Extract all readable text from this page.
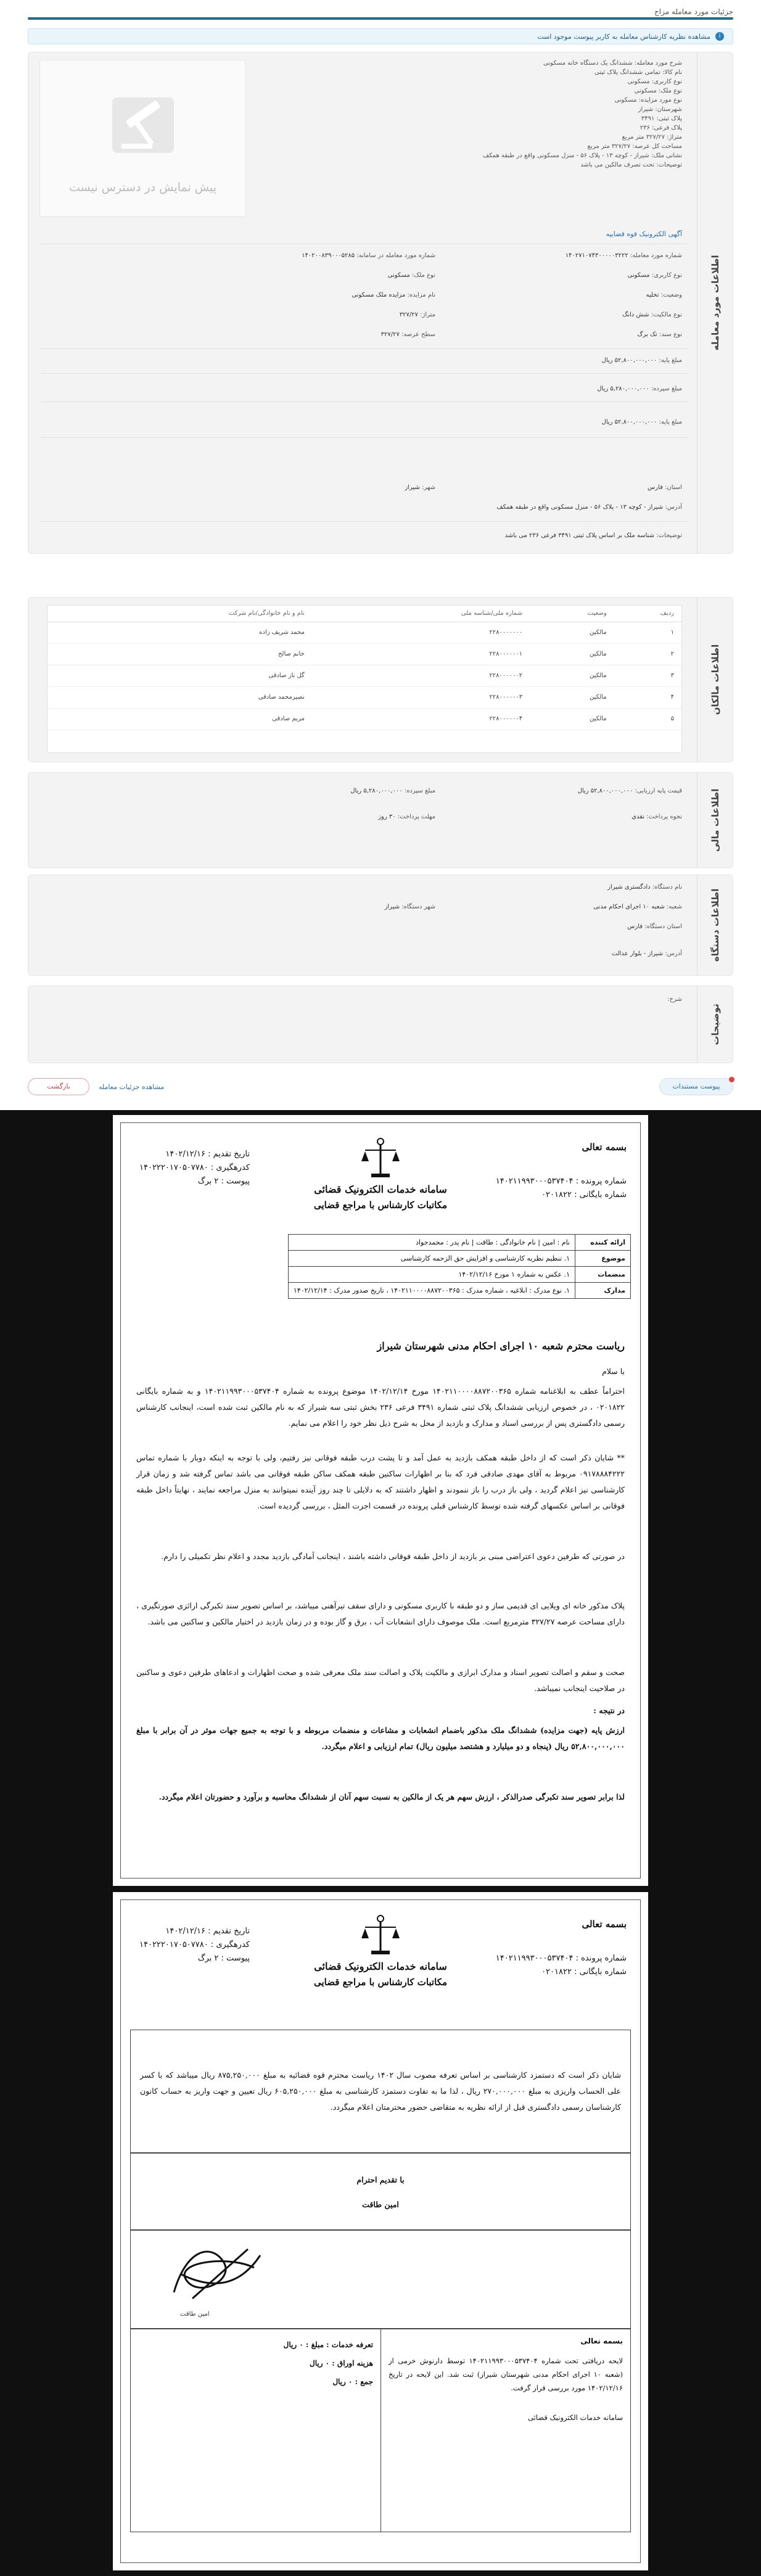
جزئیات مورد معامله مزاج
i
مشاهده نظریه کارشناس معامله به کاربر پیوست موجود است
اطلاعات مورد معامله
شرح مورد معامله: ششدانگ یک دستگاه خانه مسکونی
نام کالا: تمامی ششدانگ پلاک ثبتی
نوع کاربری: مسکونی
نوع ملک: مسکونی
نوع مورد مزایده: مسکونی
شهرستان: شیراز
پلاک ثبتی: ۳۴۹۱
پلاک فرعی: ۲۳۶
متراژ: ۳۲۷/۲۷ متر مربع
مساحت کل عرصه: ۳۲۷/۲۷ متر مربع
نشانی ملک: شیراز - کوچه ۱۳ - پلاک ۵۶ - منزل مسکونی واقع در طبقه همکف
توضیحات: تحت تصرف مالکین می باشد
پیش نمایش در دسترس نیست
آگهی الکترونیک قوه قضاییه
شماره مورد معامله: ۱۴۰۲۷۱۰۷۴۳۰۰۰۰۰۳۲۲۲
شماره مورد معامله در سامانه: ۱۴۰۲۰۰۸۳۹۰۰۰۵۲۸۵
نوع کاربری: مسکونی
نوع ملک: مسکونی
وضعیت: تخلیه
نام مزایده: مزایده ملک مسکونی
نوع مالکیت: شش دانگ
متراژ: ۳۲۷/۲۷
نوع سند: تک برگ
سطح عرصه: ۳۲۷/۲۷
مبلغ پایه: ۵۲,۸۰۰,۰۰۰,۰۰۰ ریال
مبلغ سپرده: ۵,۲۸۰,۰۰۰,۰۰۰ ریال
مبلغ پایه: ۵۲,۸۰۰,۰۰۰,۰۰۰ ریال
استان: فارس
شهر: شیراز
آدرس: شیراز - کوچه ۱۳ - پلاک ۵۶ - منزل مسکونی واقع در طبقه همکف
توضیحات: شناسه ملک بر اساس پلاک ثبتی ۳۴۹۱ فرعی ۲۳۶ می باشد
اطلاعات مالکان
ردیف	وضعیت	شماره ملی/شناسه ملی	نام و نام خانوادگی/نام شرکت
۱	مالکین	۲۲۸۰۰۰۰۰۰۰	محمد شریف زاده
۲	مالکین	۲۲۸۰۰۰۰۰۰۱	خانم صالح
۳	مالکین	۲۲۸۰۰۰۰۰۰۲	گل ناز صادقی
۴	مالکین	۲۲۸۰۰۰۰۰۰۳	نصیرمحمد صادقی
۵	مالکین	۲۲۸۰۰۰۰۰۰۴	مریم صادقی
اطلاعات مالی
قیمت پایه ارزیابی: ۵۲,۸۰۰,۰۰۰,۰۰۰ ریال
مبلغ سپرده: ۵,۲۸۰,۰۰۰,۰۰۰ ریال
نحوه پرداخت: نقدی
مهلت پرداخت: ۳۰ روز
اطلاعات دستگاه
نام دستگاه: دادگستری شیراز
شعبه: شعبه ۱۰ اجرای احکام مدنی
شهر دستگاه: شیراز
استان دستگاه: فارس
آدرس: شیراز - بلوار عدالت
توضیحات
شرح:
پیوست مستندات
بازگشت	مشاهده جزئیات معامله
بسمه تعالی
شماره پرونده : ۱۴۰۲۱۱۹۹۳۰۰۰۵۳۷۴۰۴
شماره بایگانی : ۰۲۰۱۸۲۲
تاریخ تقدیم : ۱۴۰۲/۱۲/۱۶
کدرهگیری : ۱۴۰۲۲۲۰۱۷۰۵۰۷۷۸۰
پیوست : ۲ برگ
سامانه خدمات الکترونیک قضائی
مکاتبات کارشناس با مراجع قضایی
ارائه کننده	نام : امین | نام خانوادگی : طاقت | نام پدر : محمدجواد
موضوع	۱. تنظیم نظریه کارشناسی و افزایش حق الزحمه کارشناسی
منضمات	۱. عکس به شماره ۱ مورخ ۱۴۰۲/۱۲/۱۶
مدارک	۱. نوع مدرک : ابلاغیه ، شماره مدرک : ۱۴۰۲۱۱۰۰۰۰۸۸۷۲۰۰۳۶۵ ، تاریخ صدور مدرک : ۱۴۰۲/۱۲/۱۴
ریاست محترم شعبه ۱۰ اجرای احکام مدنی شهرستان شیراز
با سلام
احتراماً عطف به ابلاغنامه شماره ۱۴۰۲۱۱۰۰۰۰۸۸۷۲۰۰۳۶۵ مورخ ۱۴۰۲/۱۲/۱۴ موضوع پرونده به شماره ۱۴۰۲۱۱۹۹۳۰۰۰۵۳۷۴۰۴ و به شماره بایگانی ۰۲۰۱۸۲۲ ، در خصوص ارزیابی ششدانگ پلاک ثبتی شماره ۳۴۹۱ فرعی ۲۳۶ بخش ثبتی سه شیراز که به نام مالکین ثبت شده است، اینجانب کارشناس رسمی دادگستری پس از بررسی اسناد و مدارک و بازدید از محل به شرح ذیل نظر خود را اعلام می نمایم.
** شایان ذکر است که از داخل طبقه همکف بازدید به عمل آمد و تا پشت درب طبقه فوقانی نیز رفتیم، ولی با توجه به اینکه دوبار با شماره تماس ۰۹۱۷۸۸۸۴۲۲۲ مربوط به آقای مهدی صادقی فرد که بنا بر اظهارات ساکنین طبقه همکف ساکن طبقه فوقانی می باشد تماس گرفته شد و زمان قرار کارشناسی نیز اعلام گردید ، ولی باز درب را باز ننمودند و اظهار داشتند که به دلایلی تا چند روز آینده نمیتوانند به منزل مراجعه نمایند ، نهایتاً داخل طبقه فوقانی بر اساس عکسهای گرفته شده توسط کارشناس قبلی پرونده در قسمت اجرت المثل ، بررسی گردیده است.
در صورتی که طرفین دعوی اعتراضی مبنی بر بازدید از داخل طبقه فوقانی داشته باشند ، اینجانب آمادگی بازدید مجدد و اعلام نظر تکمیلی را دارم.
پلاک مذکور خانه ای ویلایی ای قدیمی ساز و دو طبقه با کاربری مسکونی و دارای سقف تیرآهنی میباشد، بر اساس تصویر سند تکبرگی ارائزی صورتگیری ، دارای مساحت عرصه ۳۲۷/۲۷ مترمربع است. ملک موصوف دارای انشعابات آب ، برق و گاز بوده و در زمان بازدید در اختیار مالکین و ساکنین می باشد.
صحت و سقم و اصالت تصویر اسناد و مدارک ابرازی و مالکیت پلاک و اصالت سند ملک معرفی شده و صحت اظهارات و ادعاهای طرفین دعوی و ساکنین در صلاحیت اینجانب نمیباشد.
در نتیجه :
ارزش پایه (جهت مزایده) ششدانگ ملک مذکور باضمام انشعابات و مشاعات و منضمات مربوطه و با توجه به جمیع جهات موثر در آن برابر با مبلغ ۵۲,۸۰۰,۰۰۰,۰۰۰ ریال (پنجاه و دو میلیارد و هشتصد میلیون ریال) تمام ارزیابی و اعلام میگردد.
لذا برابر تصویر سند تکبرگی صدرالذکر ، ارزش سهم هر یک از مالکین به نسبت سهم آنان از ششدانگ محاسبه و برآورد و حضورتان اعلام میگردد.
بسمه تعالی
شماره پرونده : ۱۴۰۲۱۱۹۹۳۰۰۰۵۳۷۴۰۴
شماره بایگانی : ۰۲۰۱۸۲۲
تاریخ تقدیم : ۱۴۰۲/۱۲/۱۶
کدرهگیری : ۱۴۰۲۲۲۰۱۷۰۵۰۷۷۸۰
پیوست : ۲ برگ
سامانه خدمات الکترونیک قضائی
مکاتبات کارشناس با مراجع قضایی
شایان ذکر است که دستمزد کارشناسی بر اساس تعرفه مصوب سال ۱۴۰۲ ریاست محترم قوه قضائیه به مبلغ ۸۷۵,۲۵۰,۰۰۰ ریال میباشد که با کسر علی الحساب واریزی به مبلغ ۲۷۰,۰۰۰,۰۰۰ ریال ، لذا ما به تفاوت دستمزد کارشناسی به مبلغ ۶۰۵,۲۵۰,۰۰۰ ریال تعیین و جهت واریز به حساب کانون کارشناسان رسمی دادگستری قبل از ارائه نظریه به متقاضی حضور محترمتان اعلام میگردد.
با تقدیم احترام
امین طاقت
امین طاقت
بسمه تعالی
لایحه دریافتی تحت شماره ۱۴۰۲۱۱۹۹۳۰۰۰۵۳۷۴۰۴ توسط دارنوش خرمی از (شعبه ۱۰ اجرای احکام مدنی شهرستان شیراز) ثبت شد. این لایحه در تاریخ ۱۴۰۲/۱۲/۱۶ مورد بررسی قرار گرفت.
سامانه خدمات الکترونیک قضائی
تعرفه خدمات : مبلغ : ۰ ریال
هزینه اوراق : ۰ ریال
جمع : ۰ ریال
